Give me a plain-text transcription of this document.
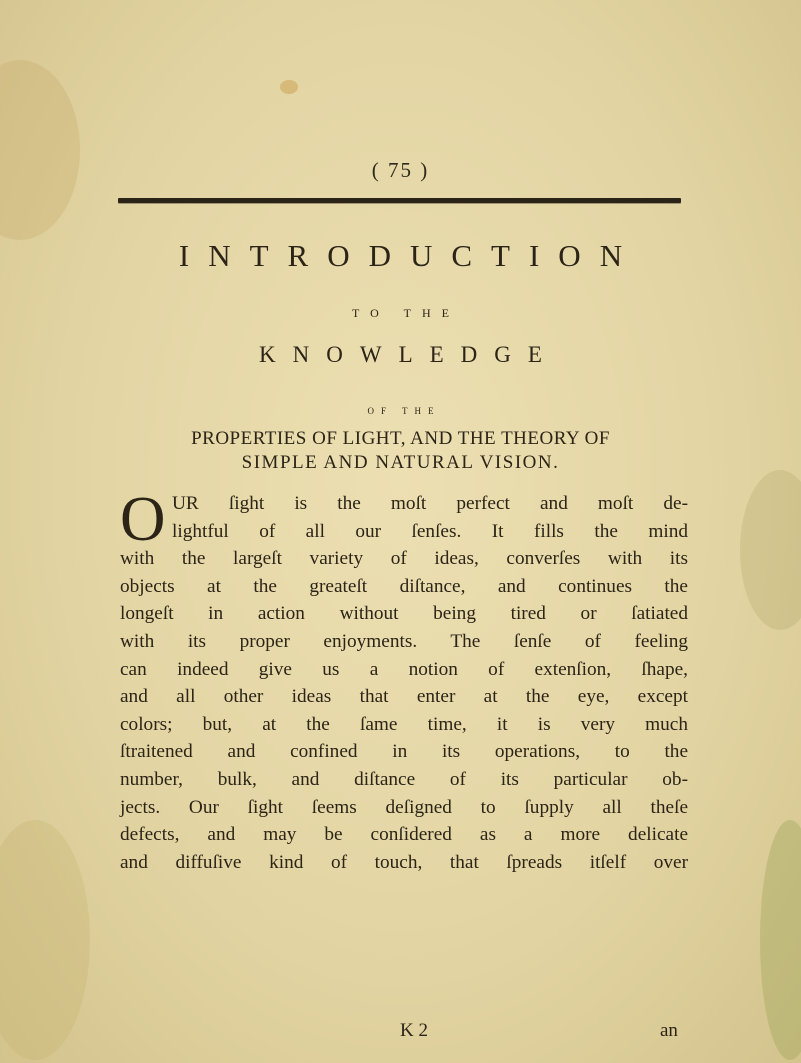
( 75 )
INTRODUCTION
TO THE
KNOWLEDGE
OF THE
PROPERTIES OF LIGHT, AND THE THEORY OF
SIMPLE AND NATURAL VISION.
O UR ſight is the moſt perfect and moſt de-
lightful of all our ſenſes. It fills the mind
with the largeſt variety of ideas, converſes with its
objects at the greateſt diſtance, and continues the
longeſt in action without being tired or ſatiated
with its proper enjoyments. The ſenſe of feeling
can indeed give us a notion of extenſion, ſhape,
and all other ideas that enter at the eye, except
colors; but, at the ſame time, it is very much
ſtraitened and confined in its operations, to the
number, bulk, and diſtance of its particular ob-
jects. Our ſight ſeems deſigned to ſupply all theſe
defects, and may be conſidered as a more delicate
and diffuſive kind of touch, that ſpreads itſelf over
K 2	an
